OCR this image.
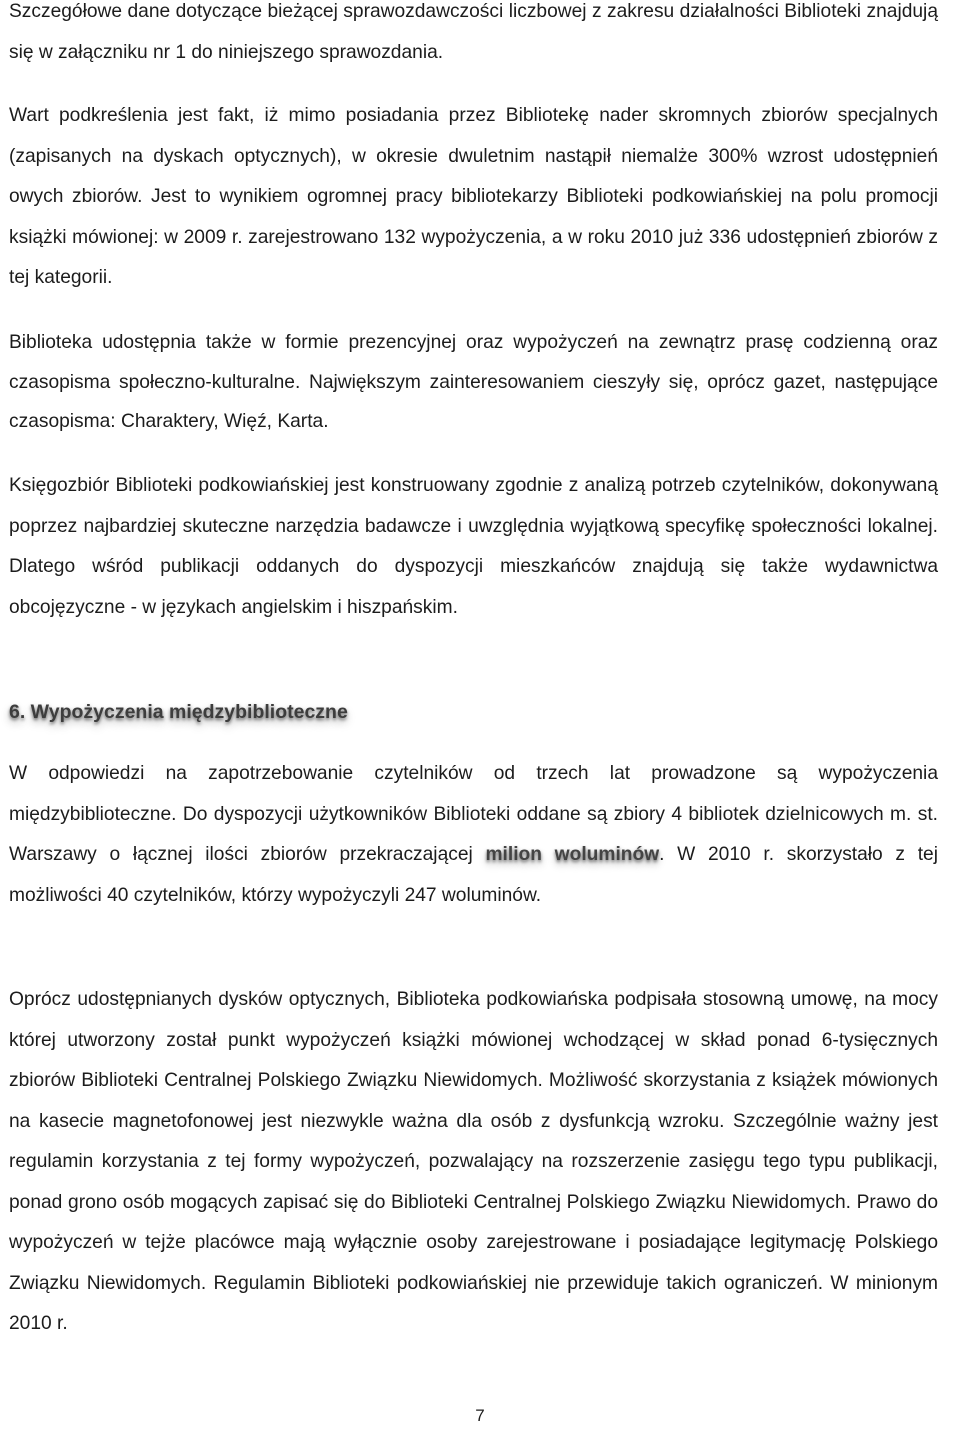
Szczegółowe dane dotyczące bieżącej sprawozdawczości liczbowej z zakresu działalności Biblioteki znajdują się w załączniku nr 1 do niniejszego sprawozdania.

Wart podkreślenia jest fakt, iż mimo posiadania przez Bibliotekę nader skromnych zbiorów specjalnych (zapisanych na dyskach optycznych), w okresie dwuletnim nastąpił niemalże 300% wzrost udostępnień owych zbiorów. Jest to wynikiem ogromnej pracy bibliotekarzy Biblioteki podkowiańskiej na polu promocji książki mówionej: w 2009 r. zarejestrowano 132 wypożyczenia, a w roku 2010 już 336 udostępnień zbiorów z tej kategorii.

Biblioteka udostępnia także w formie prezencyjnej oraz wypożyczeń na zewnątrz prasę codzienną oraz czasopisma społeczno-kulturalne. Największym zainteresowaniem cieszyły się, oprócz gazet, następujące czasopisma: Charaktery, Więź, Karta.

Księgozbiór Biblioteki podkowiańskiej jest konstruowany zgodnie z analizą potrzeb czytelników, dokonywaną poprzez najbardziej skuteczne narzędzia badawcze i uwzględnia wyjątkową specyfikę społeczności lokalnej. Dlatego wśród publikacji oddanych do dyspozycji mieszkańców znajdują się także wydawnictwa obcojęzyczne - w językach angielskim i hiszpańskim.

6. Wypożyczenia międzybiblioteczne

W odpowiedzi na zapotrzebowanie czytelników od trzech lat prowadzone są wypożyczenia międzybiblioteczne. Do dyspozycji użytkowników Biblioteki oddane są zbiory 4 bibliotek dzielnicowych m. st. Warszawy o łącznej ilości zbiorów przekraczającej milion woluminów. W 2010 r. skorzystało z tej możliwości 40 czytelników, którzy wypożyczyli 247 woluminów.

Oprócz udostępnianych dysków optycznych, Biblioteka podkowiańska podpisała stosowną umowę, na mocy której utworzony został punkt wypożyczeń książki mówionej wchodzącej w skład ponad 6-tysięcznych zbiorów Biblioteki Centralnej Polskiego Związku Niewidomych. Możliwość skorzystania z książek mówionych na kasecie magnetofonowej jest niezwykle ważna dla osób z dysfunkcją wzroku. Szczególnie ważny jest regulamin korzystania z tej formy wypożyczeń, pozwalający na rozszerzenie zasięgu tego typu publikacji, ponad grono osób mogących zapisać się do Biblioteki Centralnej Polskiego Związku Niewidomych. Prawo do wypożyczeń w tejże placówce mają wyłącznie osoby zarejestrowane i posiadające legitymację Polskiego Związku Niewidomych. Regulamin Biblioteki podkowiańskiej nie przewiduje takich ograniczeń. W minionym 2010 r.

7
